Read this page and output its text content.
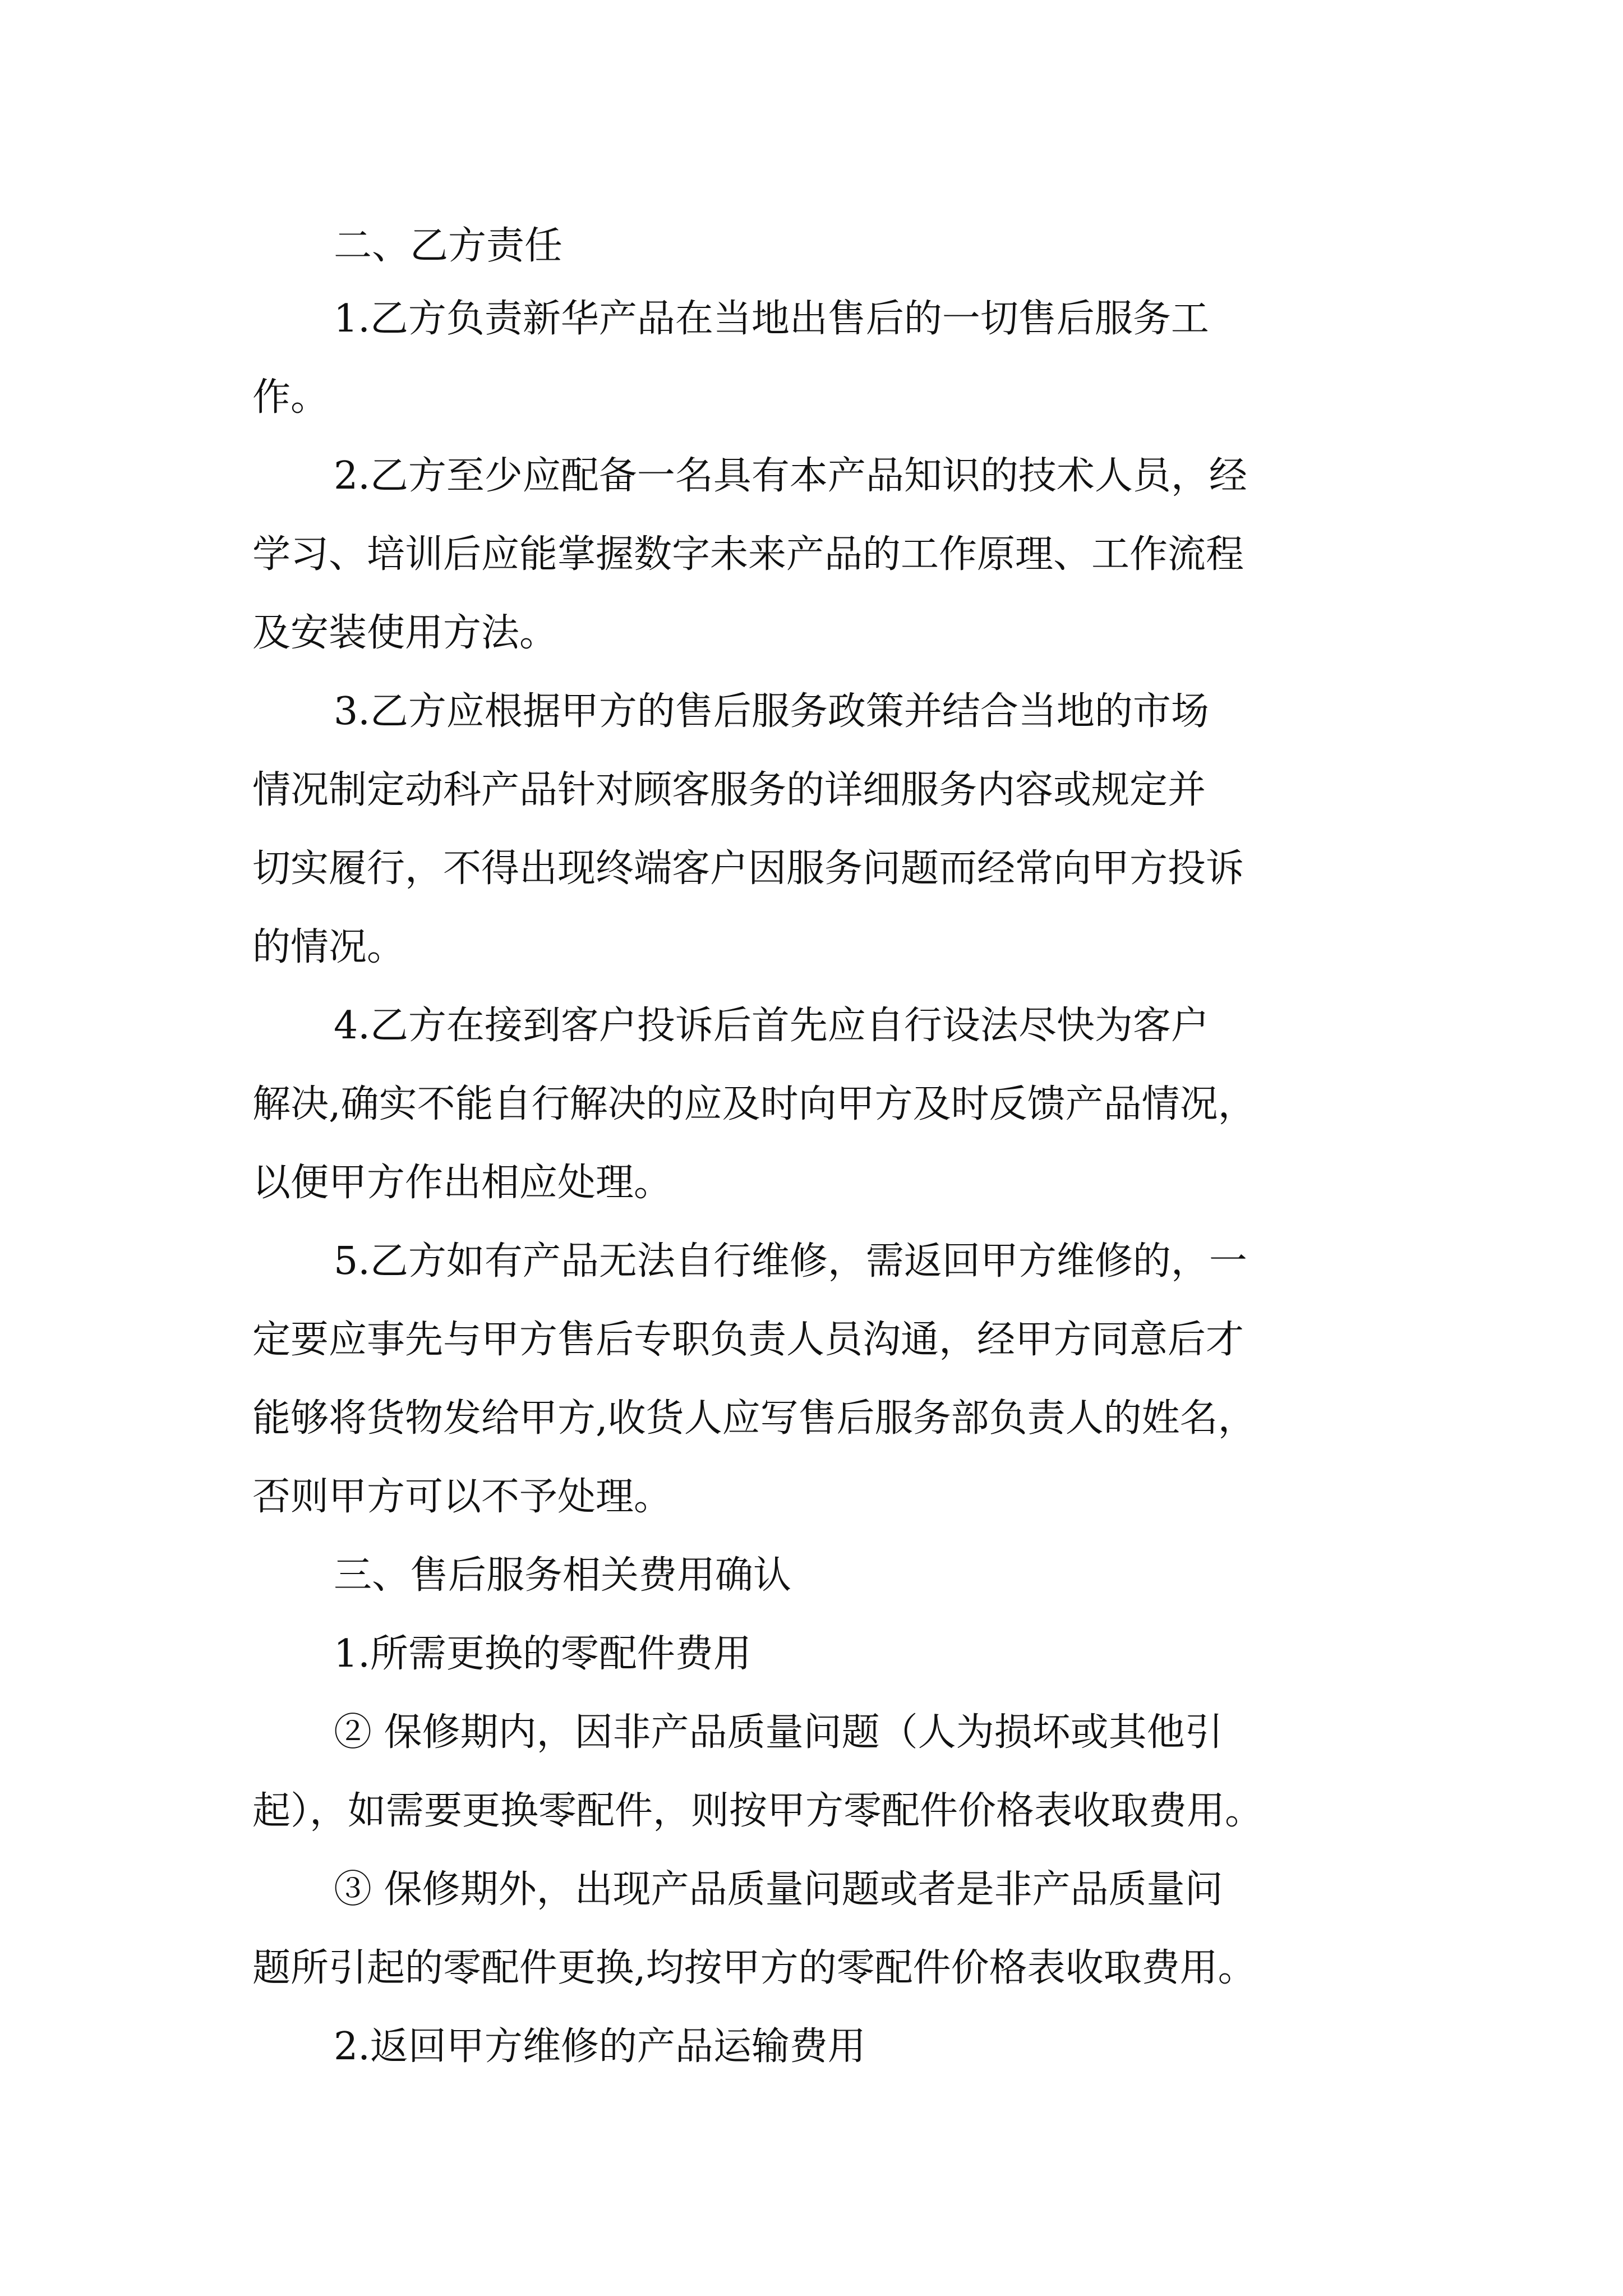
二、乙方责任
1.乙方负责新华产品在当地出售后的一切售后服务工
作。
2.乙方至少应配备一名具有本产品知识的技术人员，经
学习、培训后应能掌握数字未来产品的工作原理、工作流程
及安装使用方法。
3.乙方应根据甲方的售后服务政策并结合当地的市场
情况制定动科产品针对顾客服务的详细服务内容或规定并
切实履行，不得出现终端客户因服务问题而经常向甲方投诉
的情况。
4.乙方在接到客户投诉后首先应自行设法尽快为客户
解决,确实不能自行解决的应及时向甲方及时反馈产品情况，
以便甲方作出相应处理。
5.乙方如有产品无法自行维修，需返回甲方维修的，一
定要应事先与甲方售后专职负责人员沟通，经甲方同意后才
能够将货物发给甲方,收货人应写售后服务部负责人的姓名，
否则甲方可以不予处理。
三、售后服务相关费用确认
1.所需更换的零配件费用
② 保修期内，因非产品质量问题（人为损坏或其他引
起），如需要更换零配件，则按甲方零配件价格表收取费用。
③ 保修期外，出现产品质量问题或者是非产品质量问
题所引起的零配件更换,均按甲方的零配件价格表收取费用。
2.返回甲方维修的产品运输费用
